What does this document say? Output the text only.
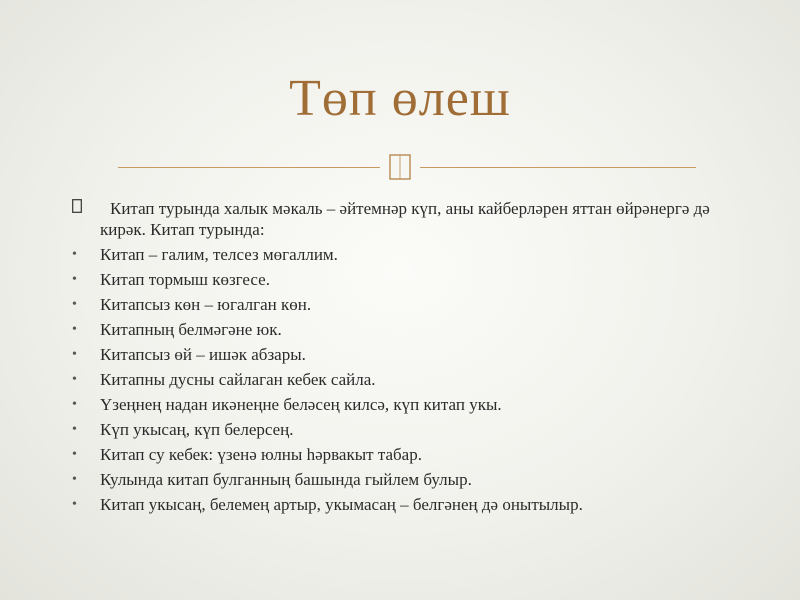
Төп өлеш

Китап турында халык мәкаль – әйтемнәр күп, аны кайберләрен яттан өйрәнергә дә кирәк. Китап турында:

• Китап – галим, телсез мөгаллим.
• Китап тормыш көзгесе.
• Китапсыз көн – югалган көн.
• Китапның белмәгәне юк.
• Китапсыз өй – ишәк абзары.
• Китапны дусны сайлаган кебек сайла.
• Үзеңнең надан икәнеңне беләсең килсә, күп китап укы.
• Күп укысаң, күп белерсең.
• Китап су кебек: үзенә юлны һәрвакыт табар.
• Кулында китап булганның башында гыйлем булыр.
• Китап укысаң, белемең артыр, укымасаң – белгәнең дә онытылыр.
